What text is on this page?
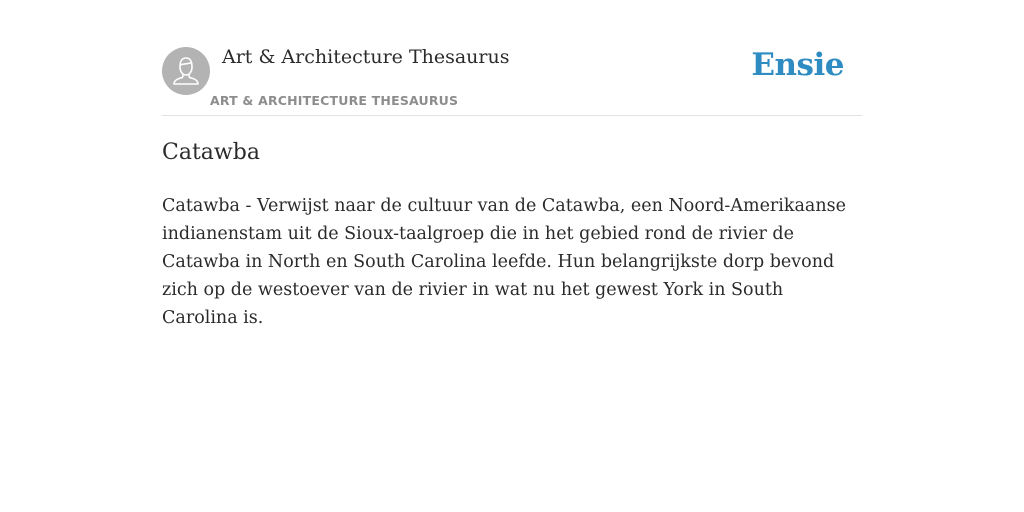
Art & Architecture Thesaurus
ART & ARCHITECTURE THESAURUS
Ensie
Catawba

Catawba - Verwijst naar de cultuur van de Catawba, een Noord-Amerikaanse indianenstam uit de Sioux-taalgroep die in het gebied rond de rivier de Catawba in North en South Carolina leefde. Hun belangrijkste dorp bevond zich op de westoever van de rivier in wat nu het gewest York in South Carolina is.
